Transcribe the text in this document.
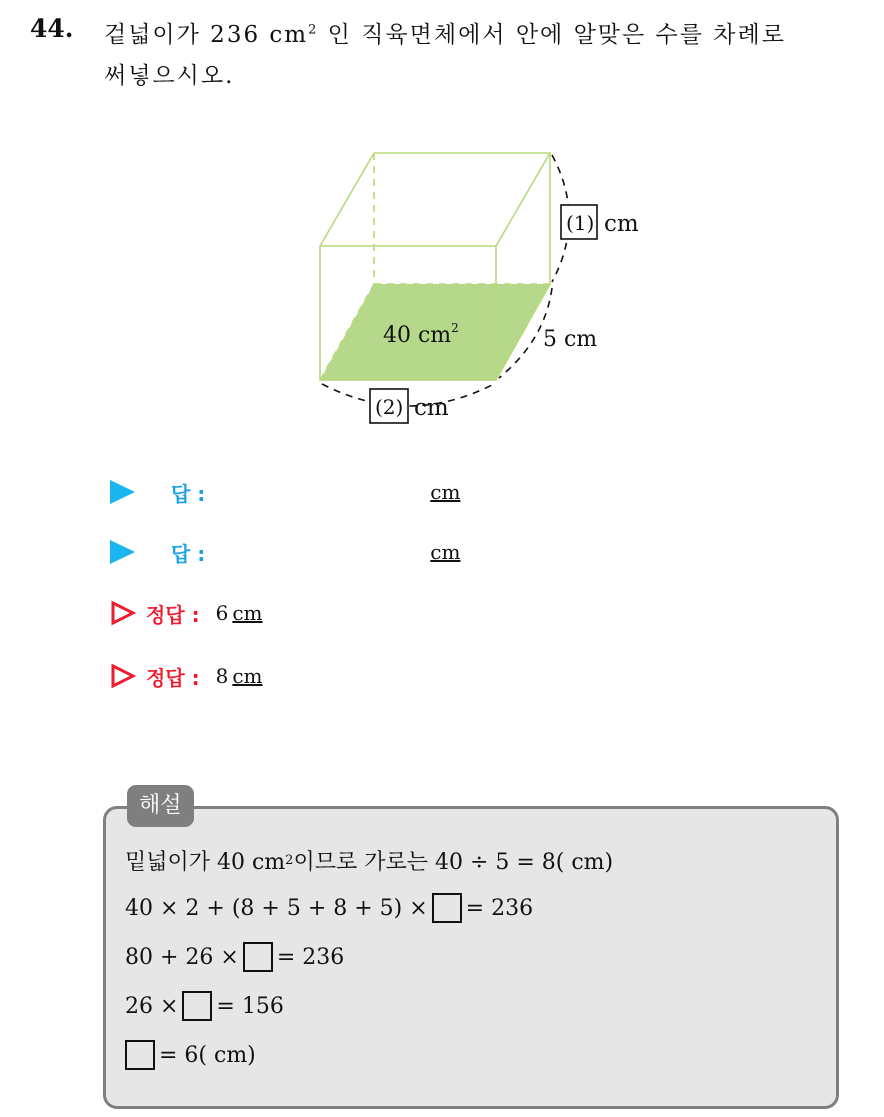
44. 겉넓이가 236 $cm^2$ 인 직육면체에서 안에 알맞은 수를 차례로
써넣으시오.
40 $cm^2$
(1) cm
5 cm
(2) cm
답 :	cm
답 :	cm
정답 : 6 cm
정답 : 8 cm
해설
밑넓이가 40 cm 2 이므로 가로는 40 ÷ 5 = 8( cm)
40 × 2 + (8 + 5 + 8 + 5) × = 236
80 + 26 × = 236
26 × = 156
= 6( cm)
